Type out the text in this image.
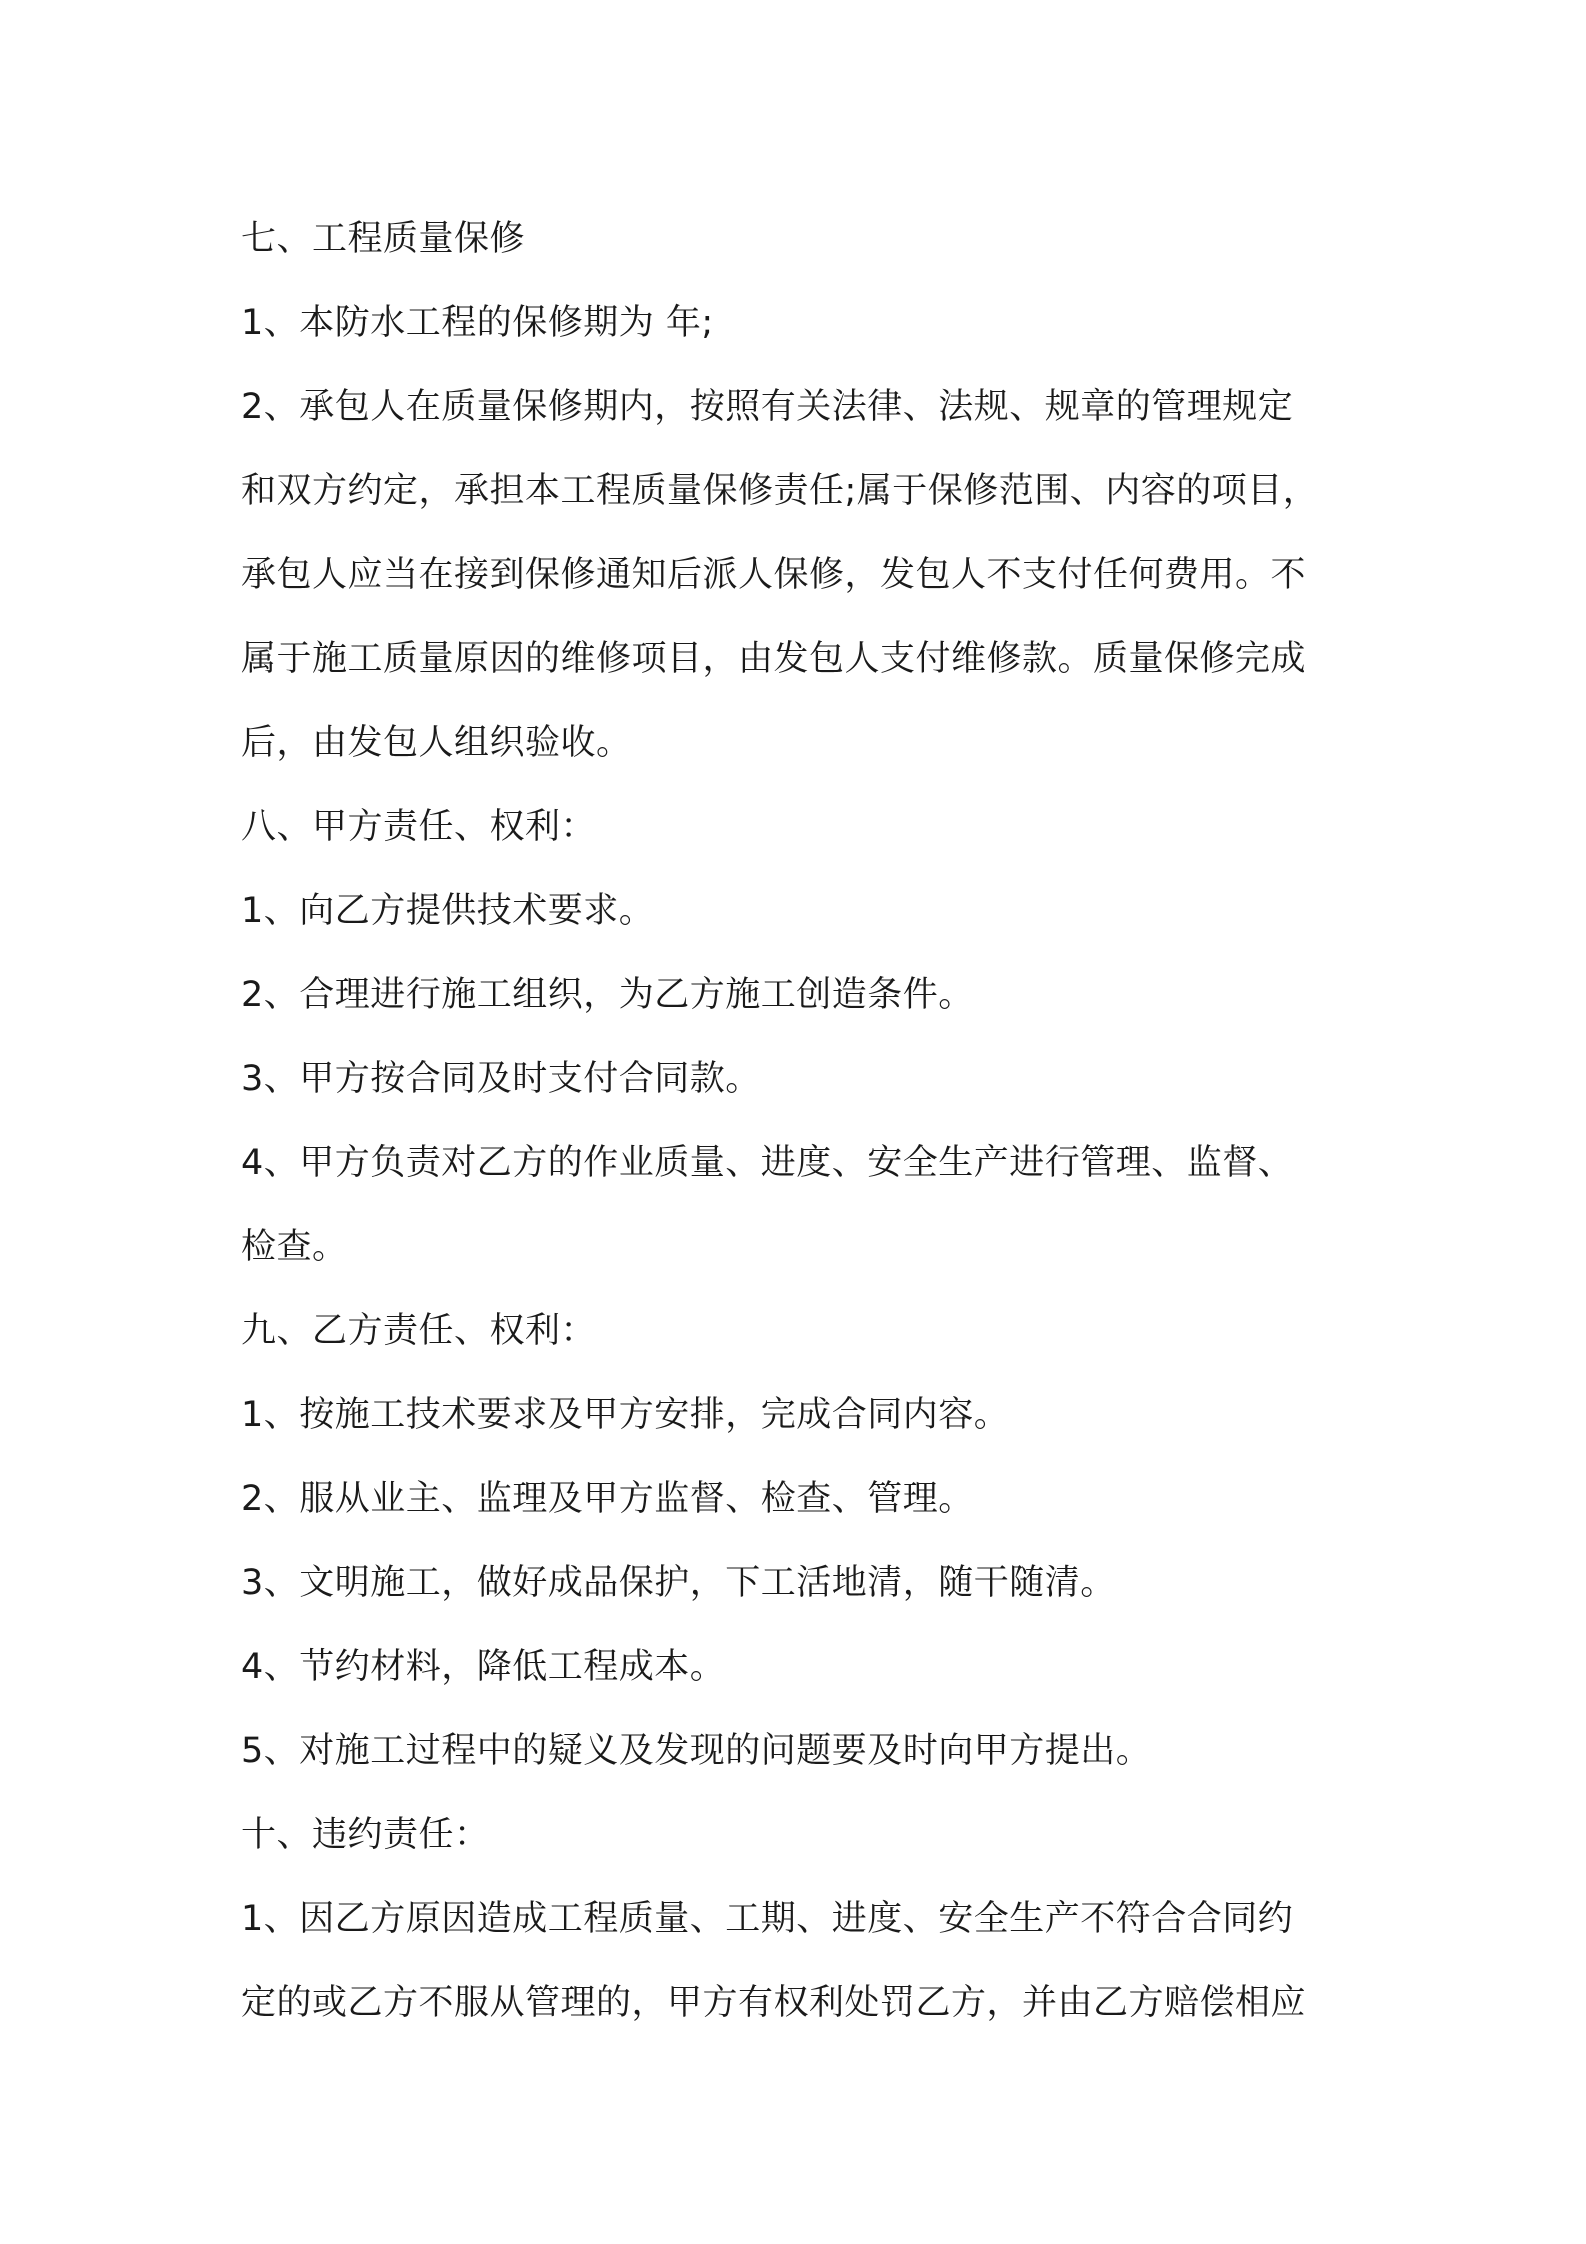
七、工程质量保修
1、本防水工程的保修期为 年;
2、承包人在质量保修期内，按照有关法律、法规、规章的管理规定
和双方约定，承担本工程质量保修责任;属于保修范围、内容的项目，
承包人应当在接到保修通知后派人保修，发包人不支付任何费用。不
属于施工质量原因的维修项目，由发包人支付维修款。质量保修完成
后，由发包人组织验收。
八、甲方责任、权利：
1、向乙方提供技术要求。
2、合理进行施工组织，为乙方施工创造条件。
3、甲方按合同及时支付合同款。
4、甲方负责对乙方的作业质量、进度、安全生产进行管理、监督、
检查。
九、乙方责任、权利：
1、按施工技术要求及甲方安排，完成合同内容。
2、服从业主、监理及甲方监督、检查、管理。
3、文明施工，做好成品保护，下工活地清，随干随清。
4、节约材料，降低工程成本。
5、对施工过程中的疑义及发现的问题要及时向甲方提出。
十、违约责任：
1、因乙方原因造成工程质量、工期、进度、安全生产不符合合同约
定的或乙方不服从管理的，甲方有权利处罚乙方，并由乙方赔偿相应
